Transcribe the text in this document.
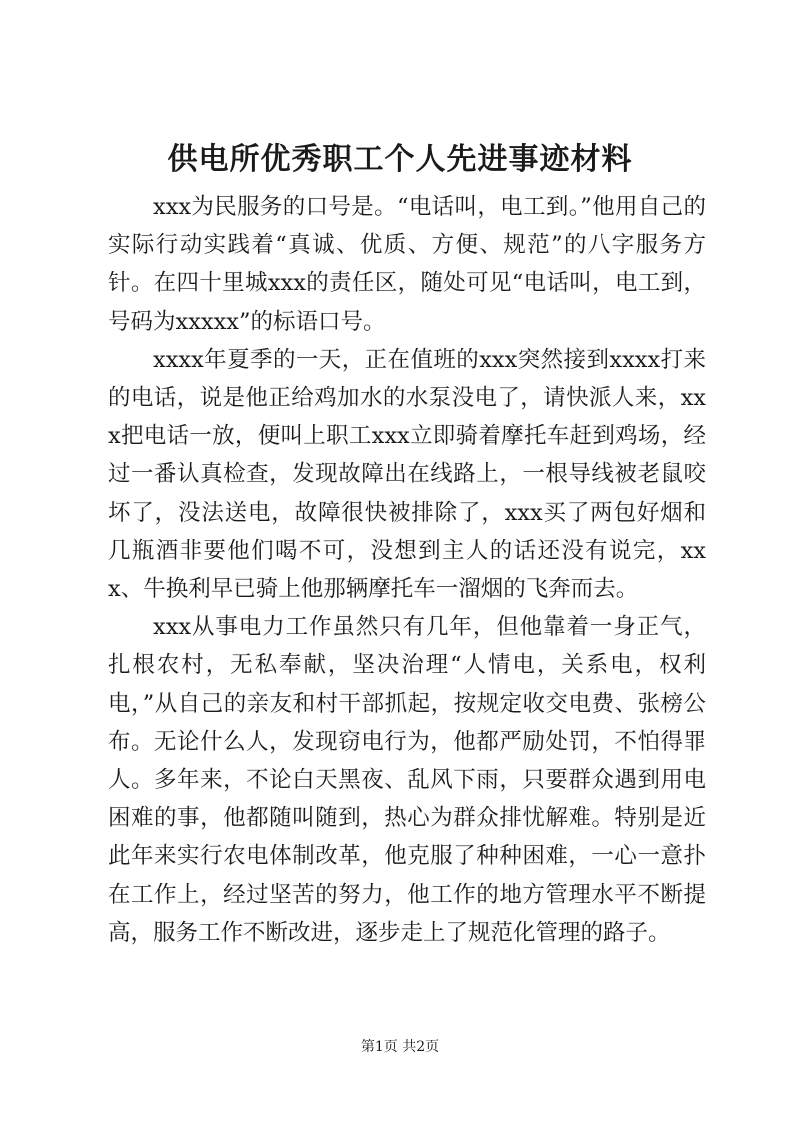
供电所优秀职工个人先进事迹材料

xxx为民服务的口号是。“电话叫，电工到。”他用自己的实际行动实践着“真诚、优质、方便、规范”的八字服务方针。在四十里城xxx的责任区，随处可见“电话叫，电工到，号码为xxxxx”的标语口号。

xxxx年夏季的一天，正在值班的xxx突然接到xxxx打来的电话，说是他正给鸡加水的水泵没电了，请快派人来，xxx把电话一放，便叫上职工xxx立即骑着摩托车赶到鸡场，经过一番认真检查，发现故障出在线路上，一根导线被老鼠咬坏了，没法送电，故障很快被排除了，xxx买了两包好烟和几瓶酒非要他们喝不可，没想到主人的话还没有说完，xxx、牛换利早已骑上他那辆摩托车一溜烟的飞奔而去。

xxx从事电力工作虽然只有几年，但他靠着一身正气，扎根农村，无私奉献，坚决治理“人情电，关系电，权利电，”从自己的亲友和村干部抓起，按规定收交电费、张榜公布。无论什么人，发现窃电行为，他都严励处罚，不怕得罪人。多年来，不论白天黑夜、乱风下雨，只要群众遇到用电困难的事，他都随叫随到，热心为群众排忧解难。特别是近此年来实行农电体制改革，他克服了种种困难，一心一意扑在工作上，经过坚苦的努力，他工作的地方管理水平不断提高，服务工作不断改进，逐步走上了规范化管理的路子。

第1页 共2页
